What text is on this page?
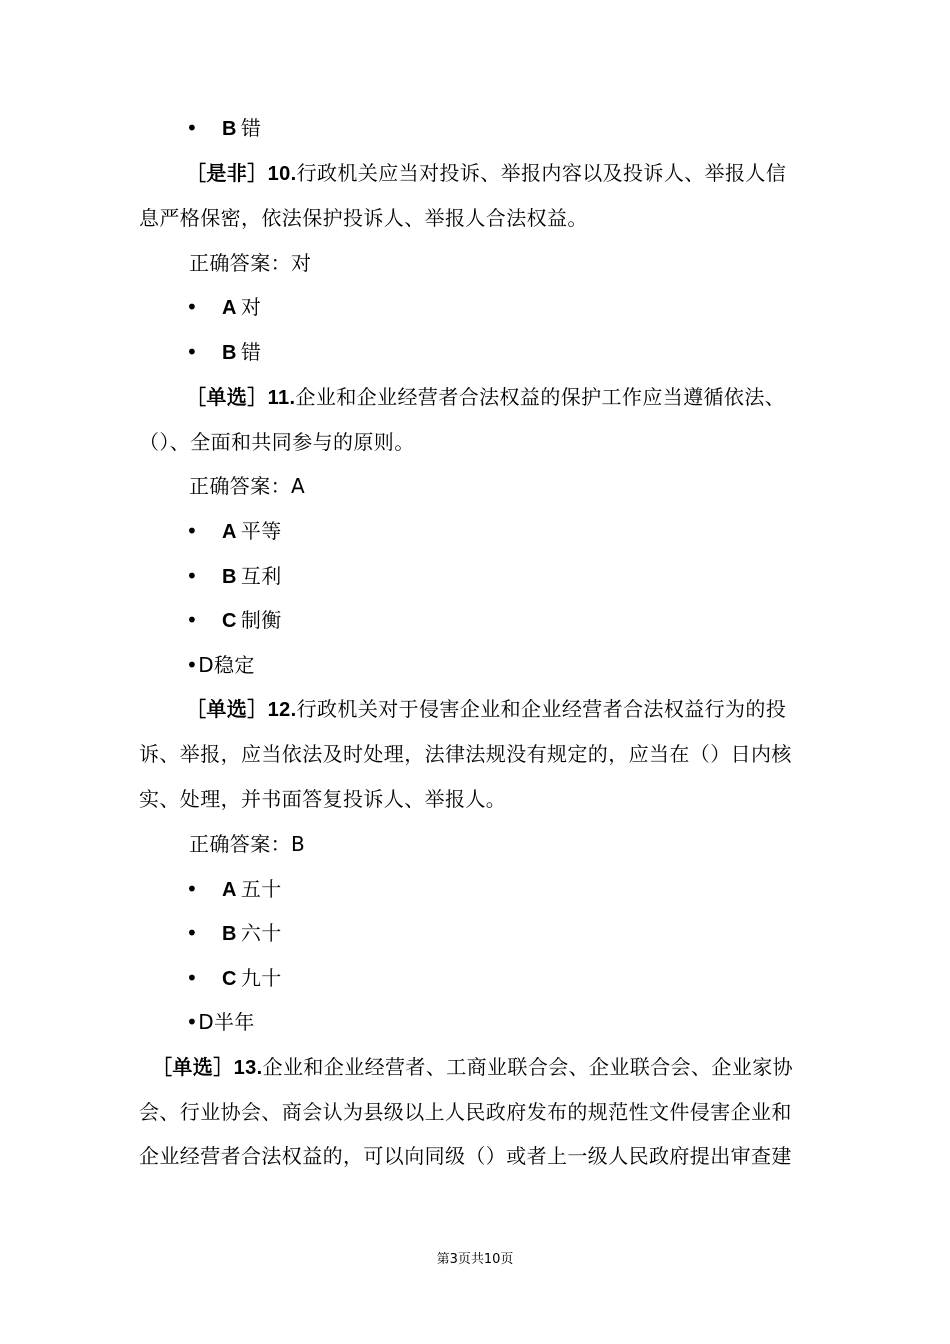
• B 错
［是非］10.行政机关应当对投诉、举报内容以及投诉人、举报人信
息严格保密，依法保护投诉人、举报人合法权益。
正确答案：对
• A 对
• B 错
［单选］11.企业和企业经营者合法权益的保护工作应当遵循依法、
（）、全面和共同参与的原则。
正确答案：A
• A 平等
• B 互利
• C 制衡
•D稳定
［单选］12.行政机关对于侵害企业和企业经营者合法权益行为的投
诉、举报，应当依法及时处理，法律法规没有规定的，应当在（）日内核
实、处理，并书面答复投诉人、举报人。
正确答案：B
• A 五十
• B 六十
• C 九十
•D半年
［单选］13.企业和企业经营者、工商业联合会、企业联合会、企业家协
会、行业协会、商会认为县级以上人民政府发布的规范性文件侵害企业和
企业经营者合法权益的，可以向同级（）或者上一级人民政府提出审查建
第3页共10页
